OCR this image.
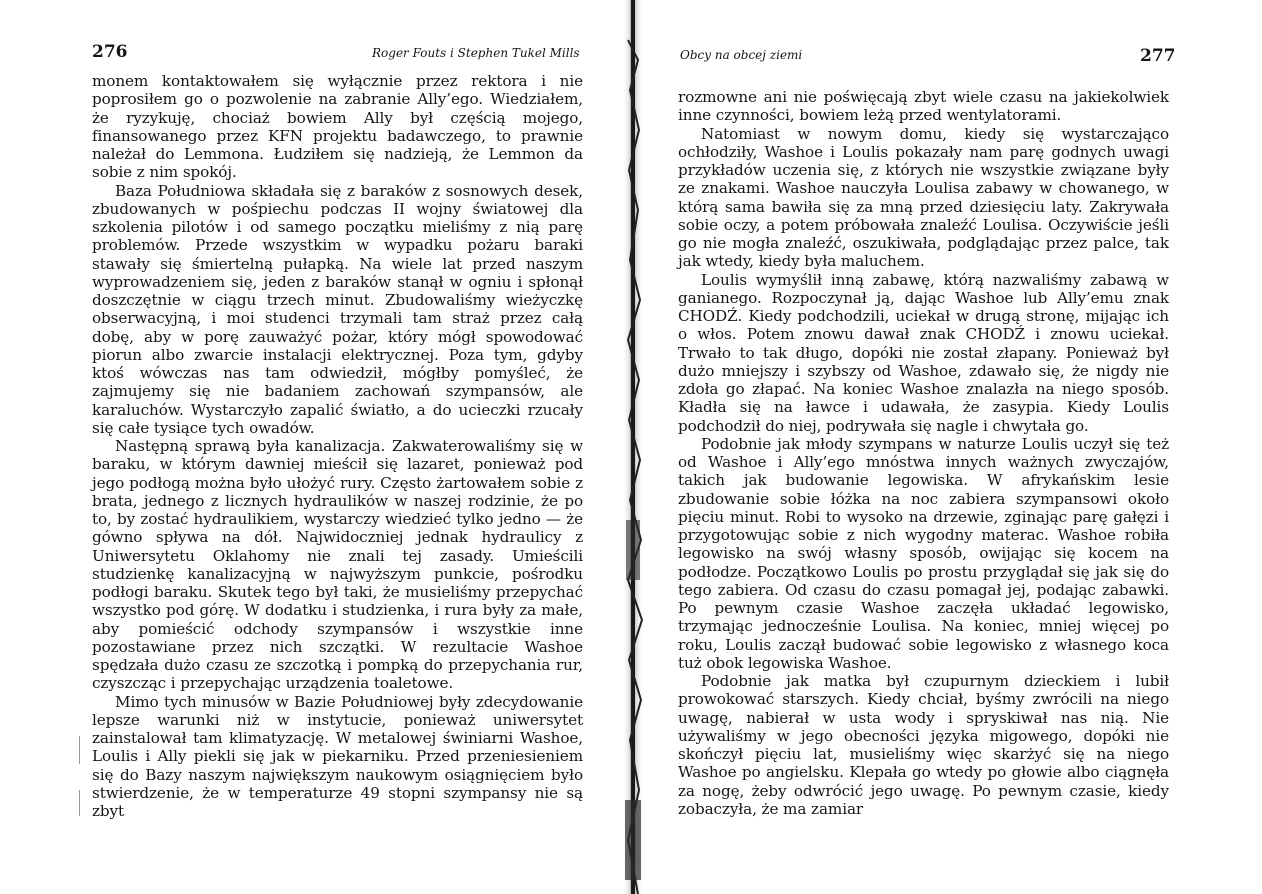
276	Roger Fouts i Stephen Tukel Mills

monem kontaktowałem się wyłącznie przez rektora i nie poprosiłem go o pozwolenie na zabranie Ally’ego. Wiedziałem, że ryzykuję, chociaż bowiem Ally był częścią mojego, finansowanego przez KFN projektu badawczego, to prawnie należał do Lemmona. Łudziłem się nadzieją, że Lemmon da sobie z nim spokój.

Baza Południowa składała się z baraków z sosnowych desek, zbudowanych w pośpiechu podczas II wojny światowej dla szkolenia pilotów i od samego początku mieliśmy z nią parę problemów. Przede wszystkim w wypadku pożaru baraki stawały się śmiertelną pułapką. Na wiele lat przed naszym wyprowadzeniem się, jeden z baraków stanął w ogniu i spłonął doszczętnie w ciągu trzech minut. Zbudowaliśmy wieżyczkę obserwacyjną, i moi studenci trzymali tam straż przez całą dobę, aby w porę zauważyć pożar, który mógł spowodować piorun albo zwarcie instalacji elektrycznej. Poza tym, gdyby ktoś wówczas nas tam odwiedził, mógłby pomyśleć, że zajmujemy się nie badaniem zachowań szympansów, ale karaluchów. Wystarczyło zapalić światło, a do ucieczki rzucały się całe tysiące tych owadów.

Następną sprawą była kanalizacja. Zakwaterowaliśmy się w baraku, w którym dawniej mieścił się lazaret, ponieważ pod jego podłogą można było ułożyć rury. Często żartowałem sobie z brata, jednego z licznych hydraulików w naszej rodzinie, że po to, by zostać hydraulikiem, wystarczy wiedzieć tylko jedno — że gówno spływa na dół. Najwidoczniej jednak hydraulicy z Uniwersytetu Oklahomy nie znali tej zasady. Umieścili studzienkę kanalizacyjną w najwyższym punkcie, pośrodku podłogi baraku. Skutek tego był taki, że musieliśmy przepychać wszystko pod górę. W dodatku i studzienka, i rura były za małe, aby pomieścić odchody szympansów i wszystkie inne pozostawiane przez nich szczątki. W rezultacie Washoe spędzała dużo czasu ze szczotką i pompką do przepychania rur, czyszcząc i przepychając urządzenia toaletowe.

Mimo tych minusów w Bazie Południowej były zdecydowanie lepsze warunki niż w instytucie, ponieważ uniwersytet zainstalował tam klimatyzację. W metalowej świniarni Washoe, Loulis i Ally piekli się jak w piekarniku. Przed przeniesieniem się do Bazy naszym największym naukowym osiągnięciem było stwierdzenie, że w temperaturze 49 stopni szympansy nie są zbyt

Obcy na obcej ziemi	277

rozmowne ani nie poświęcają zbyt wiele czasu na jakiekolwiek inne czynności, bowiem leżą przed wentylatorami.

Natomiast w nowym domu, kiedy się wystarczająco ochłodziły, Washoe i Loulis pokazały nam parę godnych uwagi przykładów uczenia się, z których nie wszystkie związane były ze znakami. Washoe nauczyła Loulisa zabawy w chowanego, w którą sama bawiła się za mną przed dziesięciu laty. Zakrywała sobie oczy, a potem próbowała znaleźć Loulisa. Oczywiście jeśli go nie mogła znaleźć, oszukiwała, podglądając przez palce, tak jak wtedy, kiedy była maluchem.

Loulis wymyślił inną zabawę, którą nazwaliśmy zabawą w ganianego. Rozpoczynał ją, dając Washoe lub Ally’emu znak CHODŹ. Kiedy podchodzili, uciekał w drugą stronę, mijając ich o włos. Potem znowu dawał znak CHODŹ i znowu uciekał. Trwało to tak długo, dopóki nie został złapany. Ponieważ był dużo mniejszy i szybszy od Washoe, zdawało się, że nigdy nie zdoła go złapać. Na koniec Washoe znalazła na niego sposób. Kładła się na ławce i udawała, że zasypia. Kiedy Loulis podchodził do niej, podrywała się nagle i chwytała go.

Podobnie jak młody szympans w naturze Loulis uczył się też od Washoe i Ally’ego mnóstwa innych ważnych zwyczajów, takich jak budowanie legowiska. W afrykańskim lesie zbudowanie sobie łóżka na noc zabiera szympansowi około pięciu minut. Robi to wysoko na drzewie, zginając parę gałęzi i przygotowując sobie z nich wygodny materac. Washoe robiła legowisko na swój własny sposób, owijając się kocem na podłodze. Początkowo Loulis po prostu przyglądał się jak się do tego zabiera. Od czasu do czasu pomagał jej, podając zabawki. Po pewnym czasie Washoe zaczęła układać legowisko, trzymając jednocześnie Loulisa. Na koniec, mniej więcej po roku, Loulis zaczął budować sobie legowisko z własnego koca tuż obok legowiska Washoe.

Podobnie jak matka był czupurnym dzieckiem i lubił prowokować starszych. Kiedy chciał, byśmy zwrócili na niego uwagę, nabierał w usta wody i spryskiwał nas nią. Nie używaliśmy w jego obecności języka migowego, dopóki nie skończył pięciu lat, musieliśmy więc skarżyć się na niego Washoe po angielsku. Klepała go wtedy po głowie albo ciągnęła za nogę, żeby odwrócić jego uwagę. Po pewnym czasie, kiedy zobaczyła, że ma zamiar
